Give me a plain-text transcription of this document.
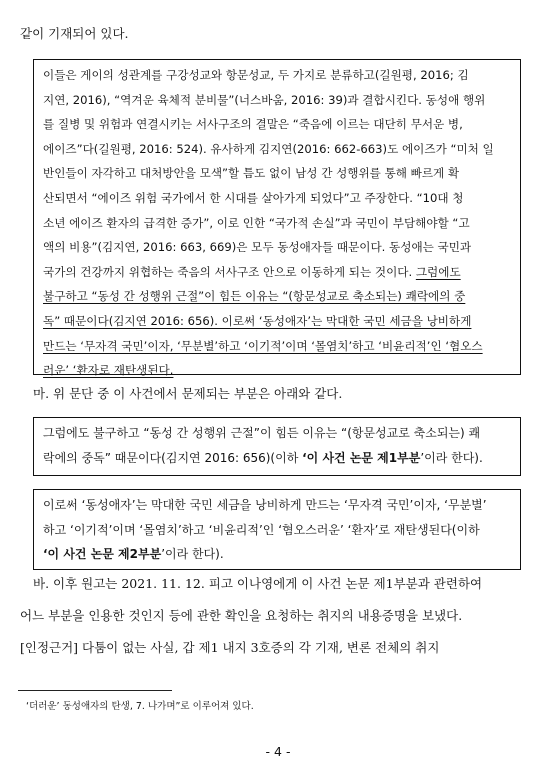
같이 기재되어 있다.

이들은 게이의 성관계를 구강성교와 항문성교, 두 가지로 분류하고(길원평, 2016; 김

지연, 2016), “역겨운 육체적 분비물”(너스바움, 2016: 39)과 결합시킨다. 동성애 행위

를 질병 및 위험과 연결시키는 서사구조의 결말은 “죽음에 이르는 대단히 무서운 병,

에이즈”다(길원평, 2016: 524). 유사하게 김지연(2016: 662-663)도 에이즈가 “미처 일

반인들이 자각하고 대처방안을 모색”할 틈도 없이 남성 간 성행위를 통해 빠르게 확

산되면서 “에이즈 위험 국가에서 한 시대를 살아가게 되었다”고 주장한다. “10대 청

소년 에이즈 환자의 급격한 증가”, 이로 인한 “국가적 손실”과 국민이 부담해야할 “고

액의 비용”(김지연, 2016: 663, 669)은 모두 동성애자들 때문이다. 동성애는 국민과

국가의 건강까지 위협하는 죽음의 서사구조 안으로 이동하게 되는 것이다. 그럼에도

불구하고 “동성 간 성행위 근절”이 힘든 이유는 “(항문성교로 축소되는) 쾌락에의 중

독” 때문이다(김지연 2016: 656). 이로써 ‘동성애자’는 막대한 국민 세금을 낭비하게

만드는 ‘무자격 국민’이자, ‘무분별’하고 ‘이기적’이며 ‘몰염치’하고 ‘비윤리적’인 ‘혐오스

러운’ ‘환자로 재탄생된다.

마. 위 문단 중 이 사건에서 문제되는 부분은 아래와 같다.

그럼에도 불구하고 “동성 간 성행위 근절”이 힘든 이유는 “(항문성교로 축소되는) 쾌

락에의 중독” 때문이다(김지연 2016: 656)(이하 ‘이 사건 논문 제1부분’이라 한다).

이로써 ‘동성애자’는 막대한 국민 세금을 낭비하게 만드는 ‘무자격 국민’이자, ‘무분별’

하고 ‘이기적’이며 ‘몰염치’하고 ‘비윤리적’인 ‘혐오스러운’ ‘환자’로 재탄생된다(이하

‘이 사건 논문 제2부분’이라 한다).

바. 이후 원고는 2021. 11. 12. 피고 이나영에게 이 사건 논문 제1부분과 관련하여
어느 부분을 인용한 것인지 등에 관한 확인을 요청하는 취지의 내용증명을 보냈다.
[인정근거] 다툼이 없는 사실, 갑 제1 내지 3호증의 각 기재, 변론 전체의 취지
‘더러운’ 동성애자의 탄생, 7. 나가며”로 이루어져 있다.
- 4 -
